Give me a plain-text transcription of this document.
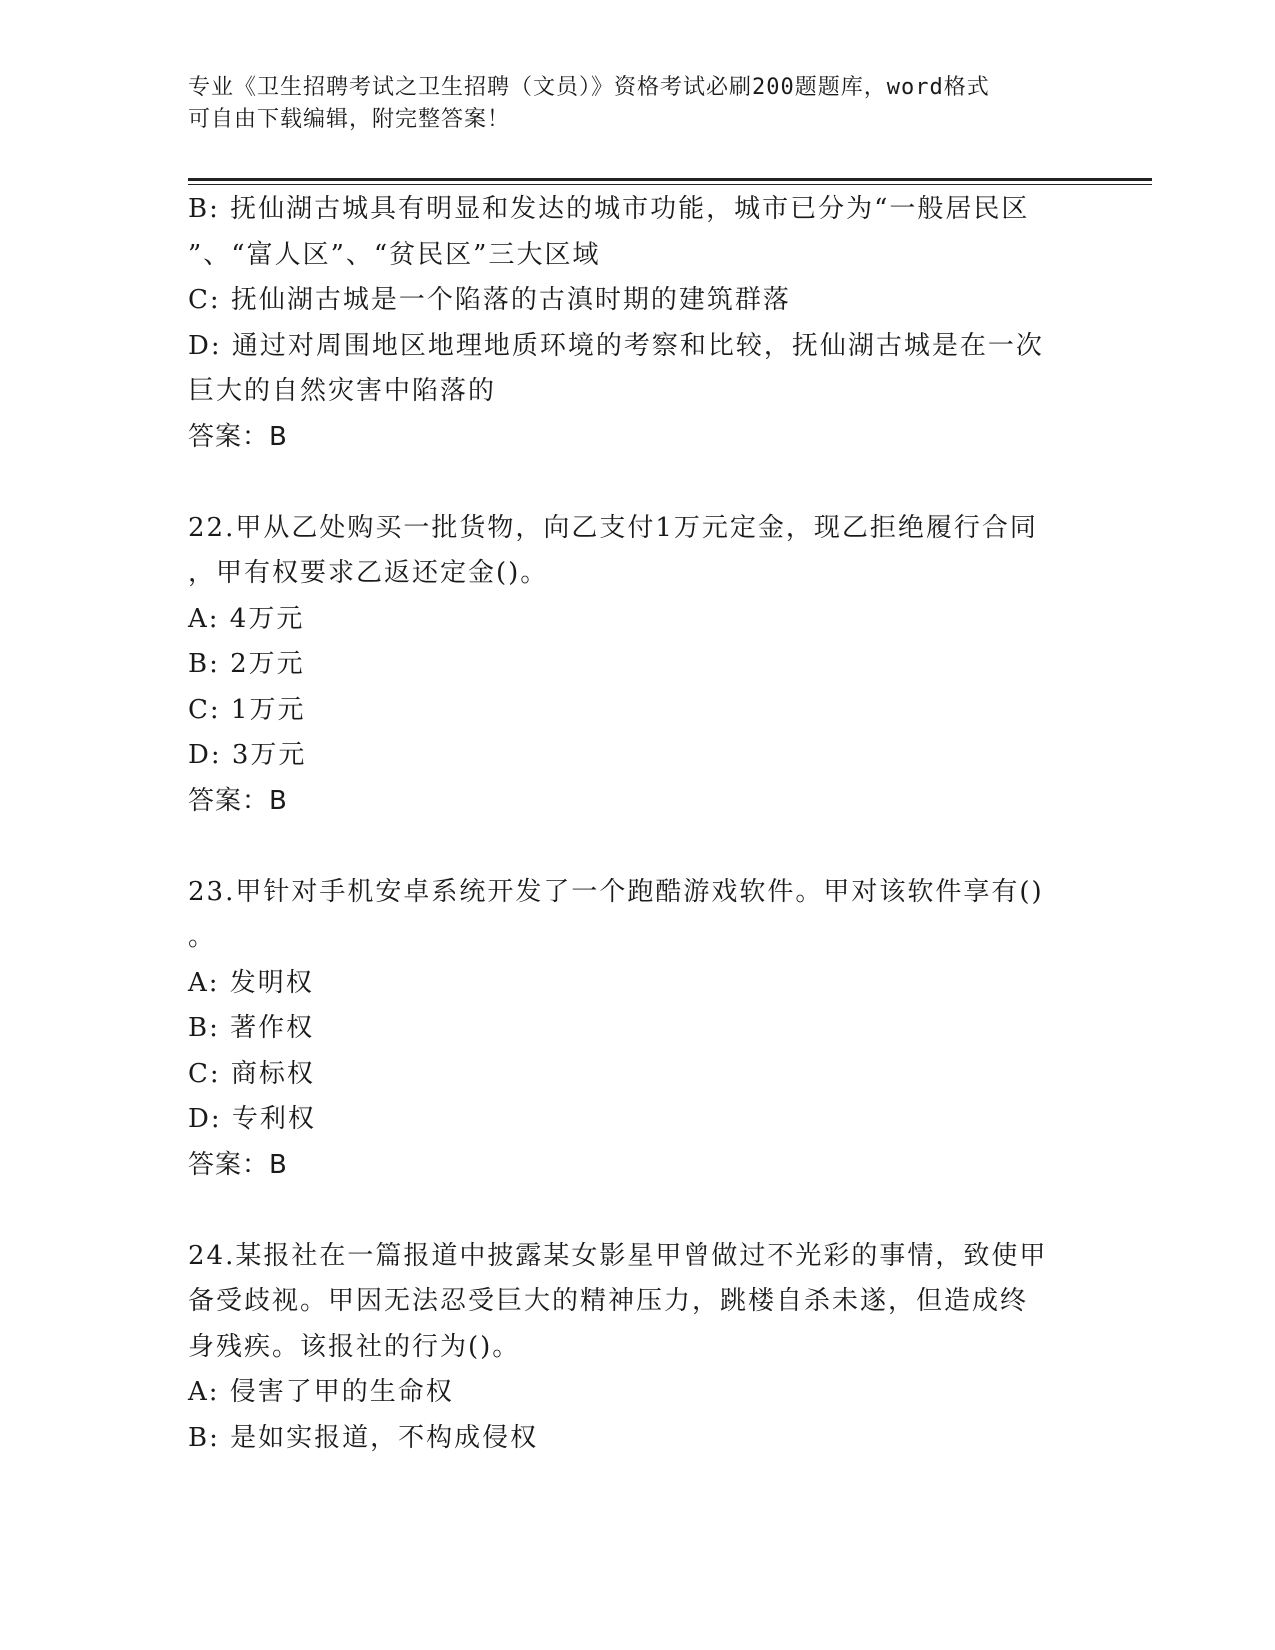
专业《卫生招聘考试之卫生招聘（文员）》资格考试必刷200题题库，word格式
可自由下载编辑，附完整答案！
B: 抚仙湖古城具有明显和发达的城市功能，城市已分为“一般居民区
”、“富人区”、“贫民区”三大区域
C: 抚仙湖古城是一个陷落的古滇时期的建筑群落
D: 通过对周围地区地理地质环境的考察和比较，抚仙湖古城是在一次
巨大的自然灾害中陷落的
答案：B
22.甲从乙处购买一批货物，向乙支付1万元定金，现乙拒绝履行合同
，甲有权要求乙返还定金()。
A: 4万元
B: 2万元
C: 1万元
D: 3万元
答案：B
23.甲针对手机安卓系统开发了一个跑酷游戏软件。甲对该软件享有()
。
A: 发明权
B: 著作权
C: 商标权
D: 专利权
答案：B
24.某报社在一篇报道中披露某女影星甲曾做过不光彩的事情，致使甲
备受歧视。甲因无法忍受巨大的精神压力，跳楼自杀未遂，但造成终
身残疾。该报社的行为()。
A: 侵害了甲的生命权
B: 是如实报道，不构成侵权
